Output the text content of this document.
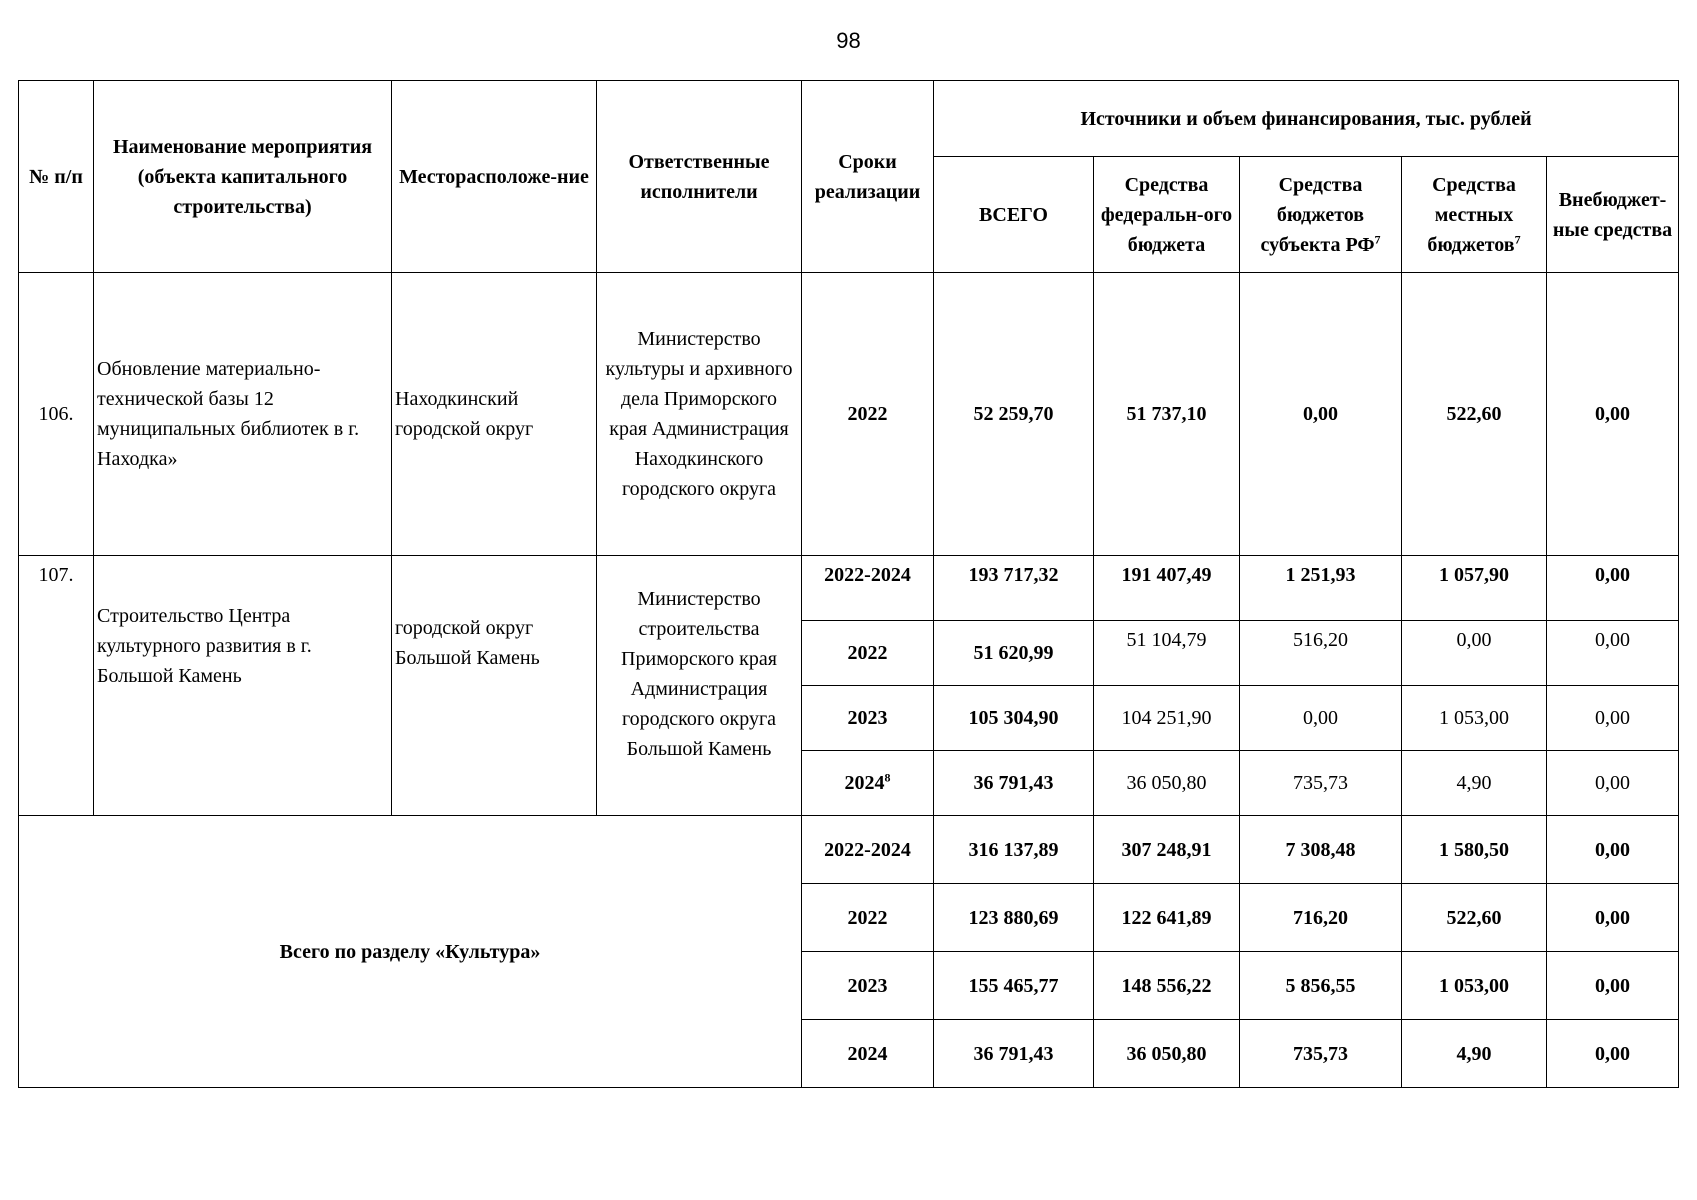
98
№ п/п	Наименование мероприятия (объекта капитального строительства)	Месторасположе-ние	Ответственные исполнители	Сроки реализации	Источники и объем финансирования, тыс. рублей				
					ВСЕГО	Средства федеральн-ого бюджета	Средства бюджетов субъекта $РФ^7$	Средства местных бюджетов$^7$	Внебюджет-ные средства
106.	Обновление материально-технической базы 12 муниципальных библиотек в г. Находка»	Находкинский городской округ	Министерство культуры и архивного дела Приморского края Администрация Находкинского городского округа	2022	52 259,70	51 737,10	0,00	522,60	0,00
107.	Строительство Центра культурного развития в г. Большой Камень	городской округ Большой Камень	Министерство строительства Приморского края Администрация городского округа Большой Камень	2022-2024	193 717,32	191 407,49	1 251,93	1 057,90	0,00
				2022	51 620,99	51 104,79	516,20	0,00	0,00
				2023	105 304,90	104 251,90	0,00	1 053,00	0,00
				2024$^8$	36 791,43	36 050,80	735,73	4,90	0,00
Всего по разделу «Культура»				2022-2024	316 137,89	307 248,91	7 308,48	1 580,50	0,00
				2022	123 880,69	122 641,89	716,20	522,60	0,00
				2023	155 465,77	148 556,22	5 856,55	1 053,00	0,00
				2024	36 791,43	36 050,80	735,73	4,90	0,00
